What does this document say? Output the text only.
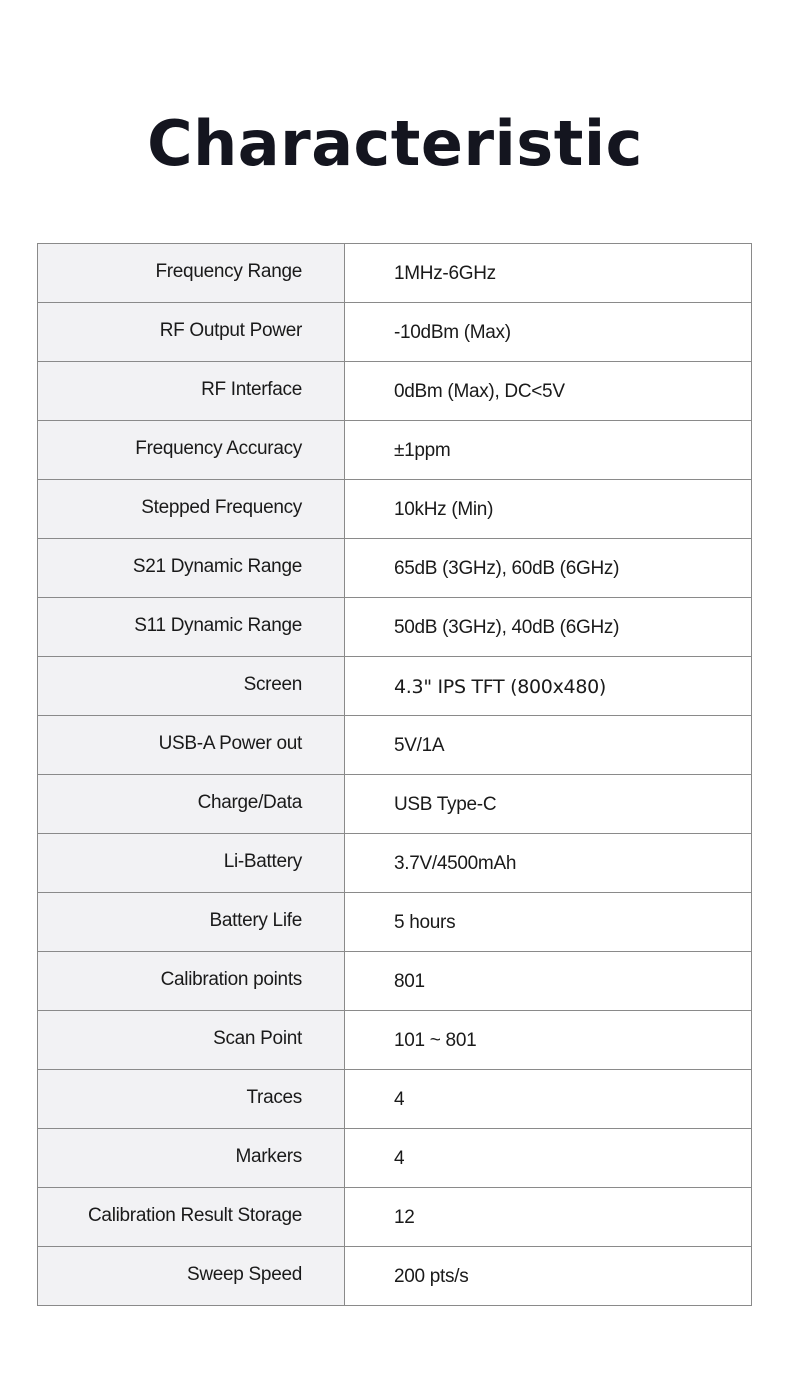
Characteristic
Frequency Range	1MHz-6GHz
RF Output Power	-10dBm (Max)
RF Interface	0dBm (Max), DC<5V
Frequency Accuracy	±1ppm
Stepped Frequency	10kHz (Min)
S21 Dynamic Range	65dB (3GHz), 60dB (6GHz)
S11 Dynamic Range	50dB (3GHz), 40dB (6GHz)
Screen	4.3" IPS TFT (800x480)
USB-A Power out	5V/1A
Charge/Data	USB Type-C
Li-Battery	3.7V/4500mAh
Battery Life	5 hours
Calibration points	801
Scan Point	101 ~ 801
Traces	4
Markers	4
Calibration Result Storage	12
Sweep Speed	200 pts/s
